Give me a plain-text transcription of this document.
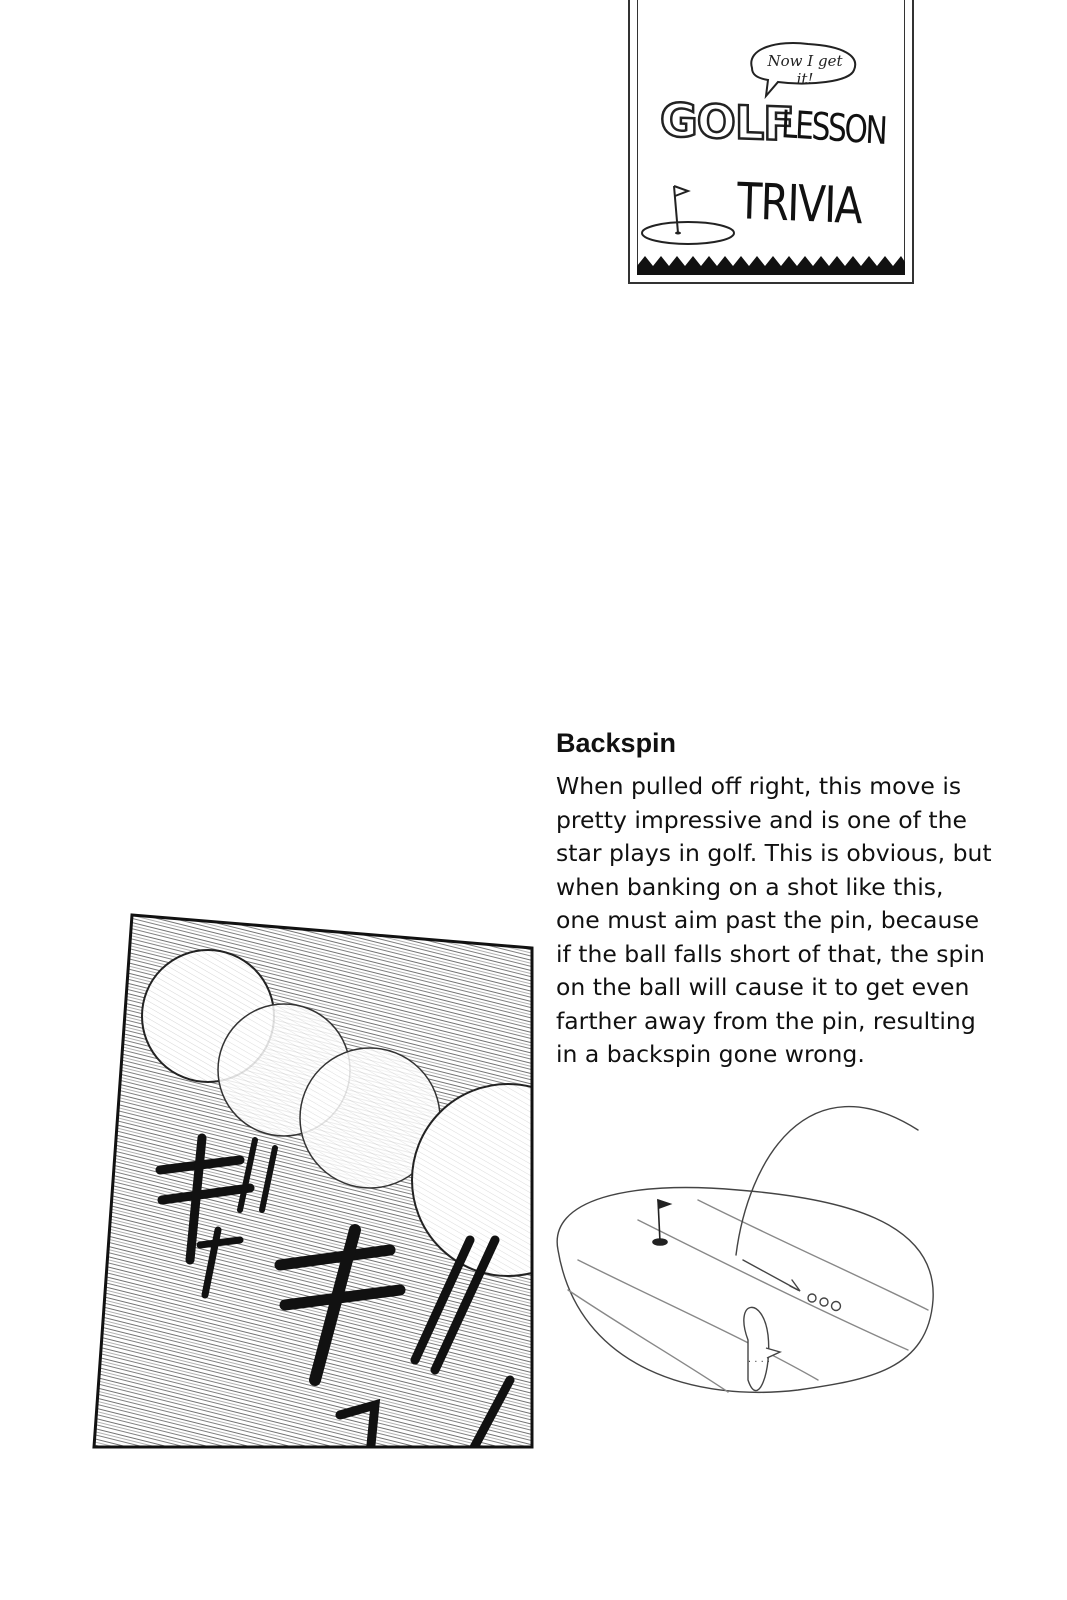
Now I get it!
GOLF
LESSON
TRIVIA
Backspin

When pulled off right, this move is
pretty impressive and is one of the
star plays in golf. This is obvious, but
when banking on a shot like this,
one must aim past the pin, because
if the ball falls short of that, the spin
on the ball will cause it to get even
farther away from the pin, resulting
in a backspin gone wrong.

キャ
· · · ·
